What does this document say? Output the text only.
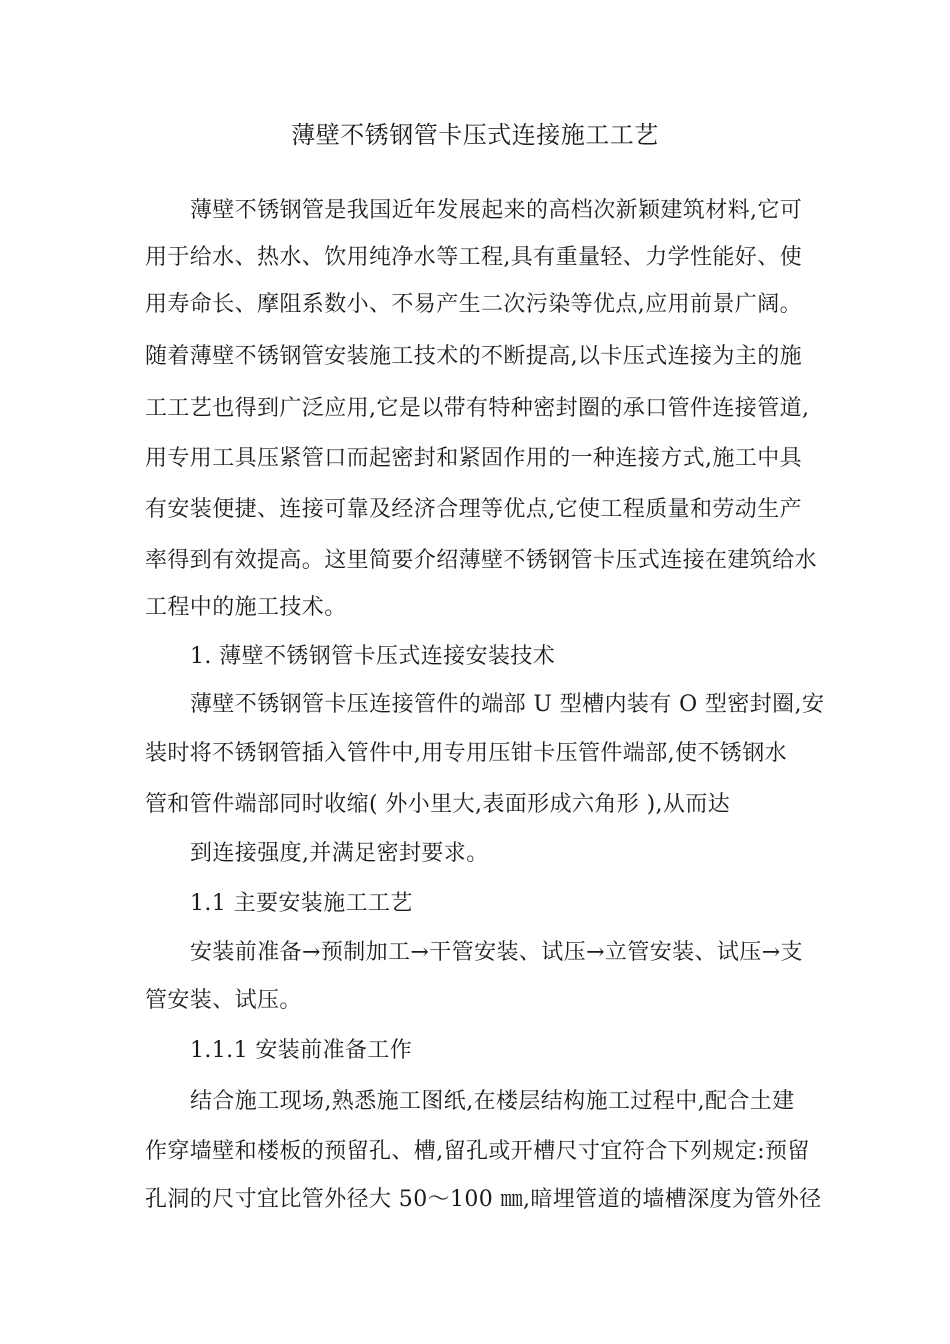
薄壁不锈钢管卡压式连接施工工艺
薄壁不锈钢管是我国近年发展起来的高档次新颖建筑材料,它可
用于给水、热水、饮用纯净水等工程,具有重量轻、力学性能好、使
用寿命长、摩阻系数小、不易产生二次污染等优点,应用前景广阔。
随着薄壁不锈钢管安装施工技术的不断提高,以卡压式连接为主的施
工工艺也得到广泛应用,它是以带有特种密封圈的承口管件连接管道,
用专用工具压紧管口而起密封和紧固作用的一种连接方式,施工中具
有安装便捷、连接可靠及经济合理等优点,它使工程质量和劳动生产
率得到有效提高。这里简要介绍薄壁不锈钢管卡压式连接在建筑给水
工程中的施工技术。
1. 薄壁不锈钢管卡压式连接安装技术
薄壁不锈钢管卡压连接管件的端部 U 型槽内装有 O 型密封圈,安
装时将不锈钢管插入管件中,用专用压钳卡压管件端部,使不锈钢水
管和管件端部同时收缩( 外小里大,表面形成六角形 ),从而达
到连接强度,并满足密封要求。
1.1 主要安装施工工艺
安装前准备→预制加工→干管安装、试压→立管安装、试压→支
管安装、试压。
1.1.1 安装前准备工作
结合施工现场,熟悉施工图纸,在楼层结构施工过程中,配合土建
作穿墙壁和楼板的预留孔、槽,留孔或开槽尺寸宜符合下列规定:预留
孔洞的尺寸宜比管外径大 50～100 ㎜,暗埋管道的墙槽深度为管外径
